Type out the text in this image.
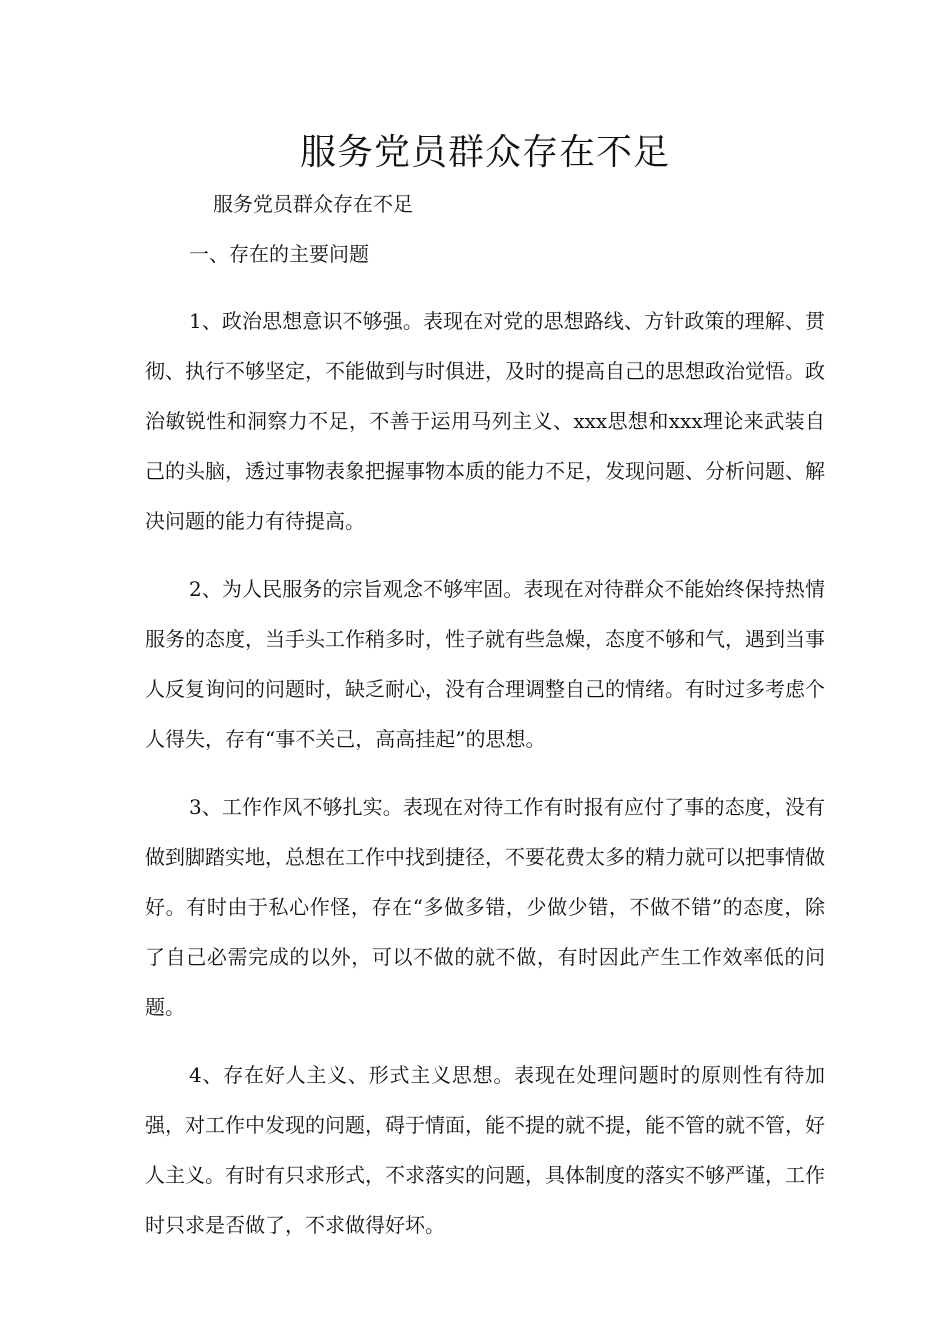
服务党员群众存在不足

服务党员群众存在不足

一、存在的主要问题

1、政治思想意识不够强。表现在对党的思想路线、方针政策的理解、贯彻、执行不够坚定，不能做到与时俱进，及时的提高自己的思想政治觉悟。政治敏锐性和洞察力不足，不善于运用马列主义、xxx思想和xxx理论来武装自己的头脑，透过事物表象把握事物本质的能力不足，发现问题、分析问题、解决问题的能力有待提高。

2、为人民服务的宗旨观念不够牢固。表现在对待群众不能始终保持热情服务的态度，当手头工作稍多时，性子就有些急燥，态度不够和气，遇到当事人反复询问的问题时，缺乏耐心，没有合理调整自己的情绪。有时过多考虑个人得失，存有“事不关己，高高挂起”的思想。

3、工作作风不够扎实。表现在对待工作有时报有应付了事的态度，没有做到脚踏实地，总想在工作中找到捷径，不要花费太多的精力就可以把事情做好。有时由于私心作怪，存在“多做多错，少做少错，不做不错”的态度，除了自己必需完成的以外，可以不做的就不做，有时因此产生工作效率低的问题。

4、存在好人主义、形式主义思想。表现在处理问题时的原则性有待加强，对工作中发现的问题，碍于情面，能不提的就不提，能不管的就不管，好人主义。有时有只求形式，不求落实的问题，具体制度的落实不够严谨，工作时只求是否做了，不求做得好坏。
